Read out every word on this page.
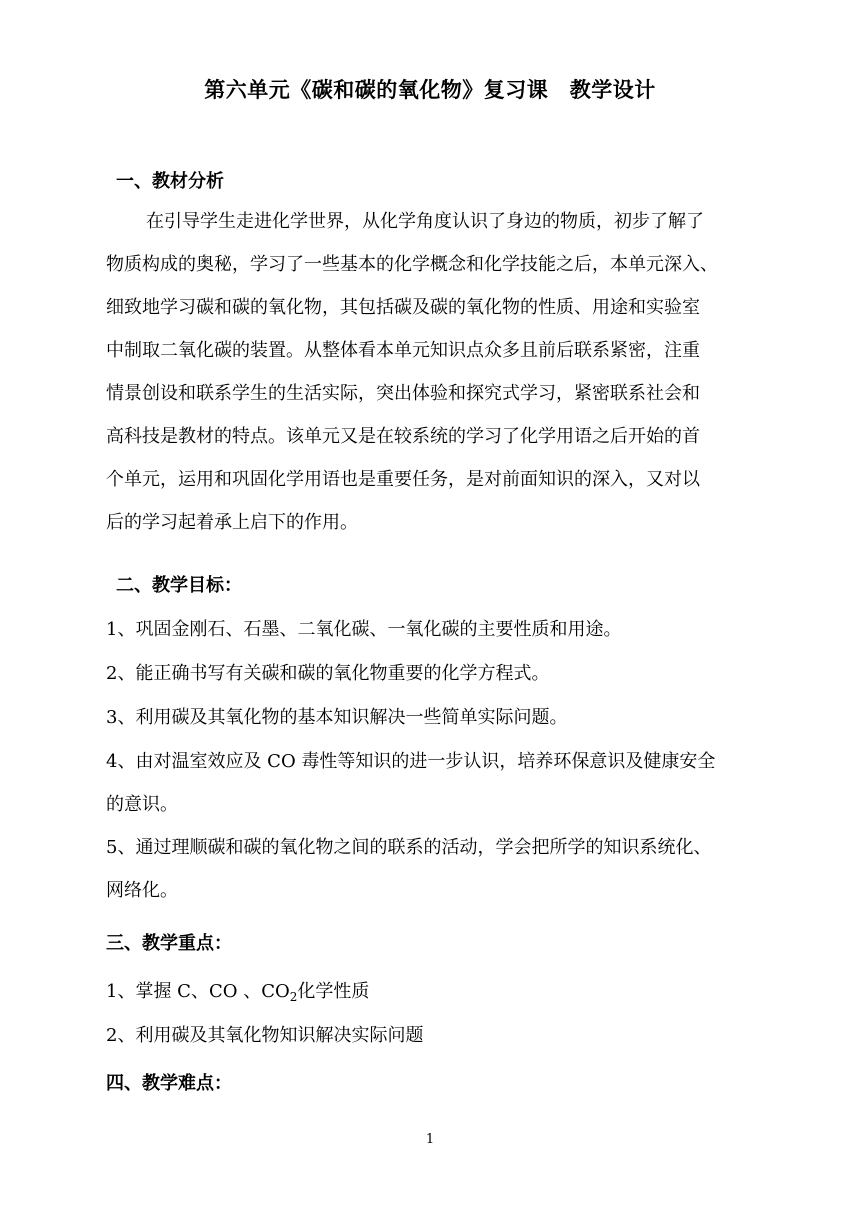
第六单元《碳和碳的氧化物》复习课　教学设计
一、教材分析
在引导学生走进化学世界，从化学角度认识了身边的物质，初步了解了
物质构成的奥秘，学习了一些基本的化学概念和化学技能之后，本单元深入、
细致地学习碳和碳的氧化物，其包括碳及碳的氧化物的性质、用途和实验室
中制取二氧化碳的装置。从整体看本单元知识点众多且前后联系紧密，注重
情景创设和联系学生的生活实际，突出体验和探究式学习，紧密联系社会和
高科技是教材的特点。该单元又是在较系统的学习了化学用语之后开始的首
个单元，运用和巩固化学用语也是重要任务，是对前面知识的深入，又对以
后的学习起着承上启下的作用。
二、教学目标：
1、巩固金刚石、石墨、二氧化碳、一氧化碳的主要性质和用途。
2、能正确书写有关碳和碳的氧化物重要的化学方程式。
3、利用碳及其氧化物的基本知识解决一些简单实际问题。
4、由对温室效应及 CO 毒性等知识的进一步认识，培养环保意识及健康安全
的意识。
5、通过理顺碳和碳的氧化物之间的联系的活动，学会把所学的知识系统化、
网络化。
三、教学重点：
1、掌握 C、CO 、$CO_2$化学性质
2、利用碳及其氧化物知识解决实际问题
四、教学难点：
1
